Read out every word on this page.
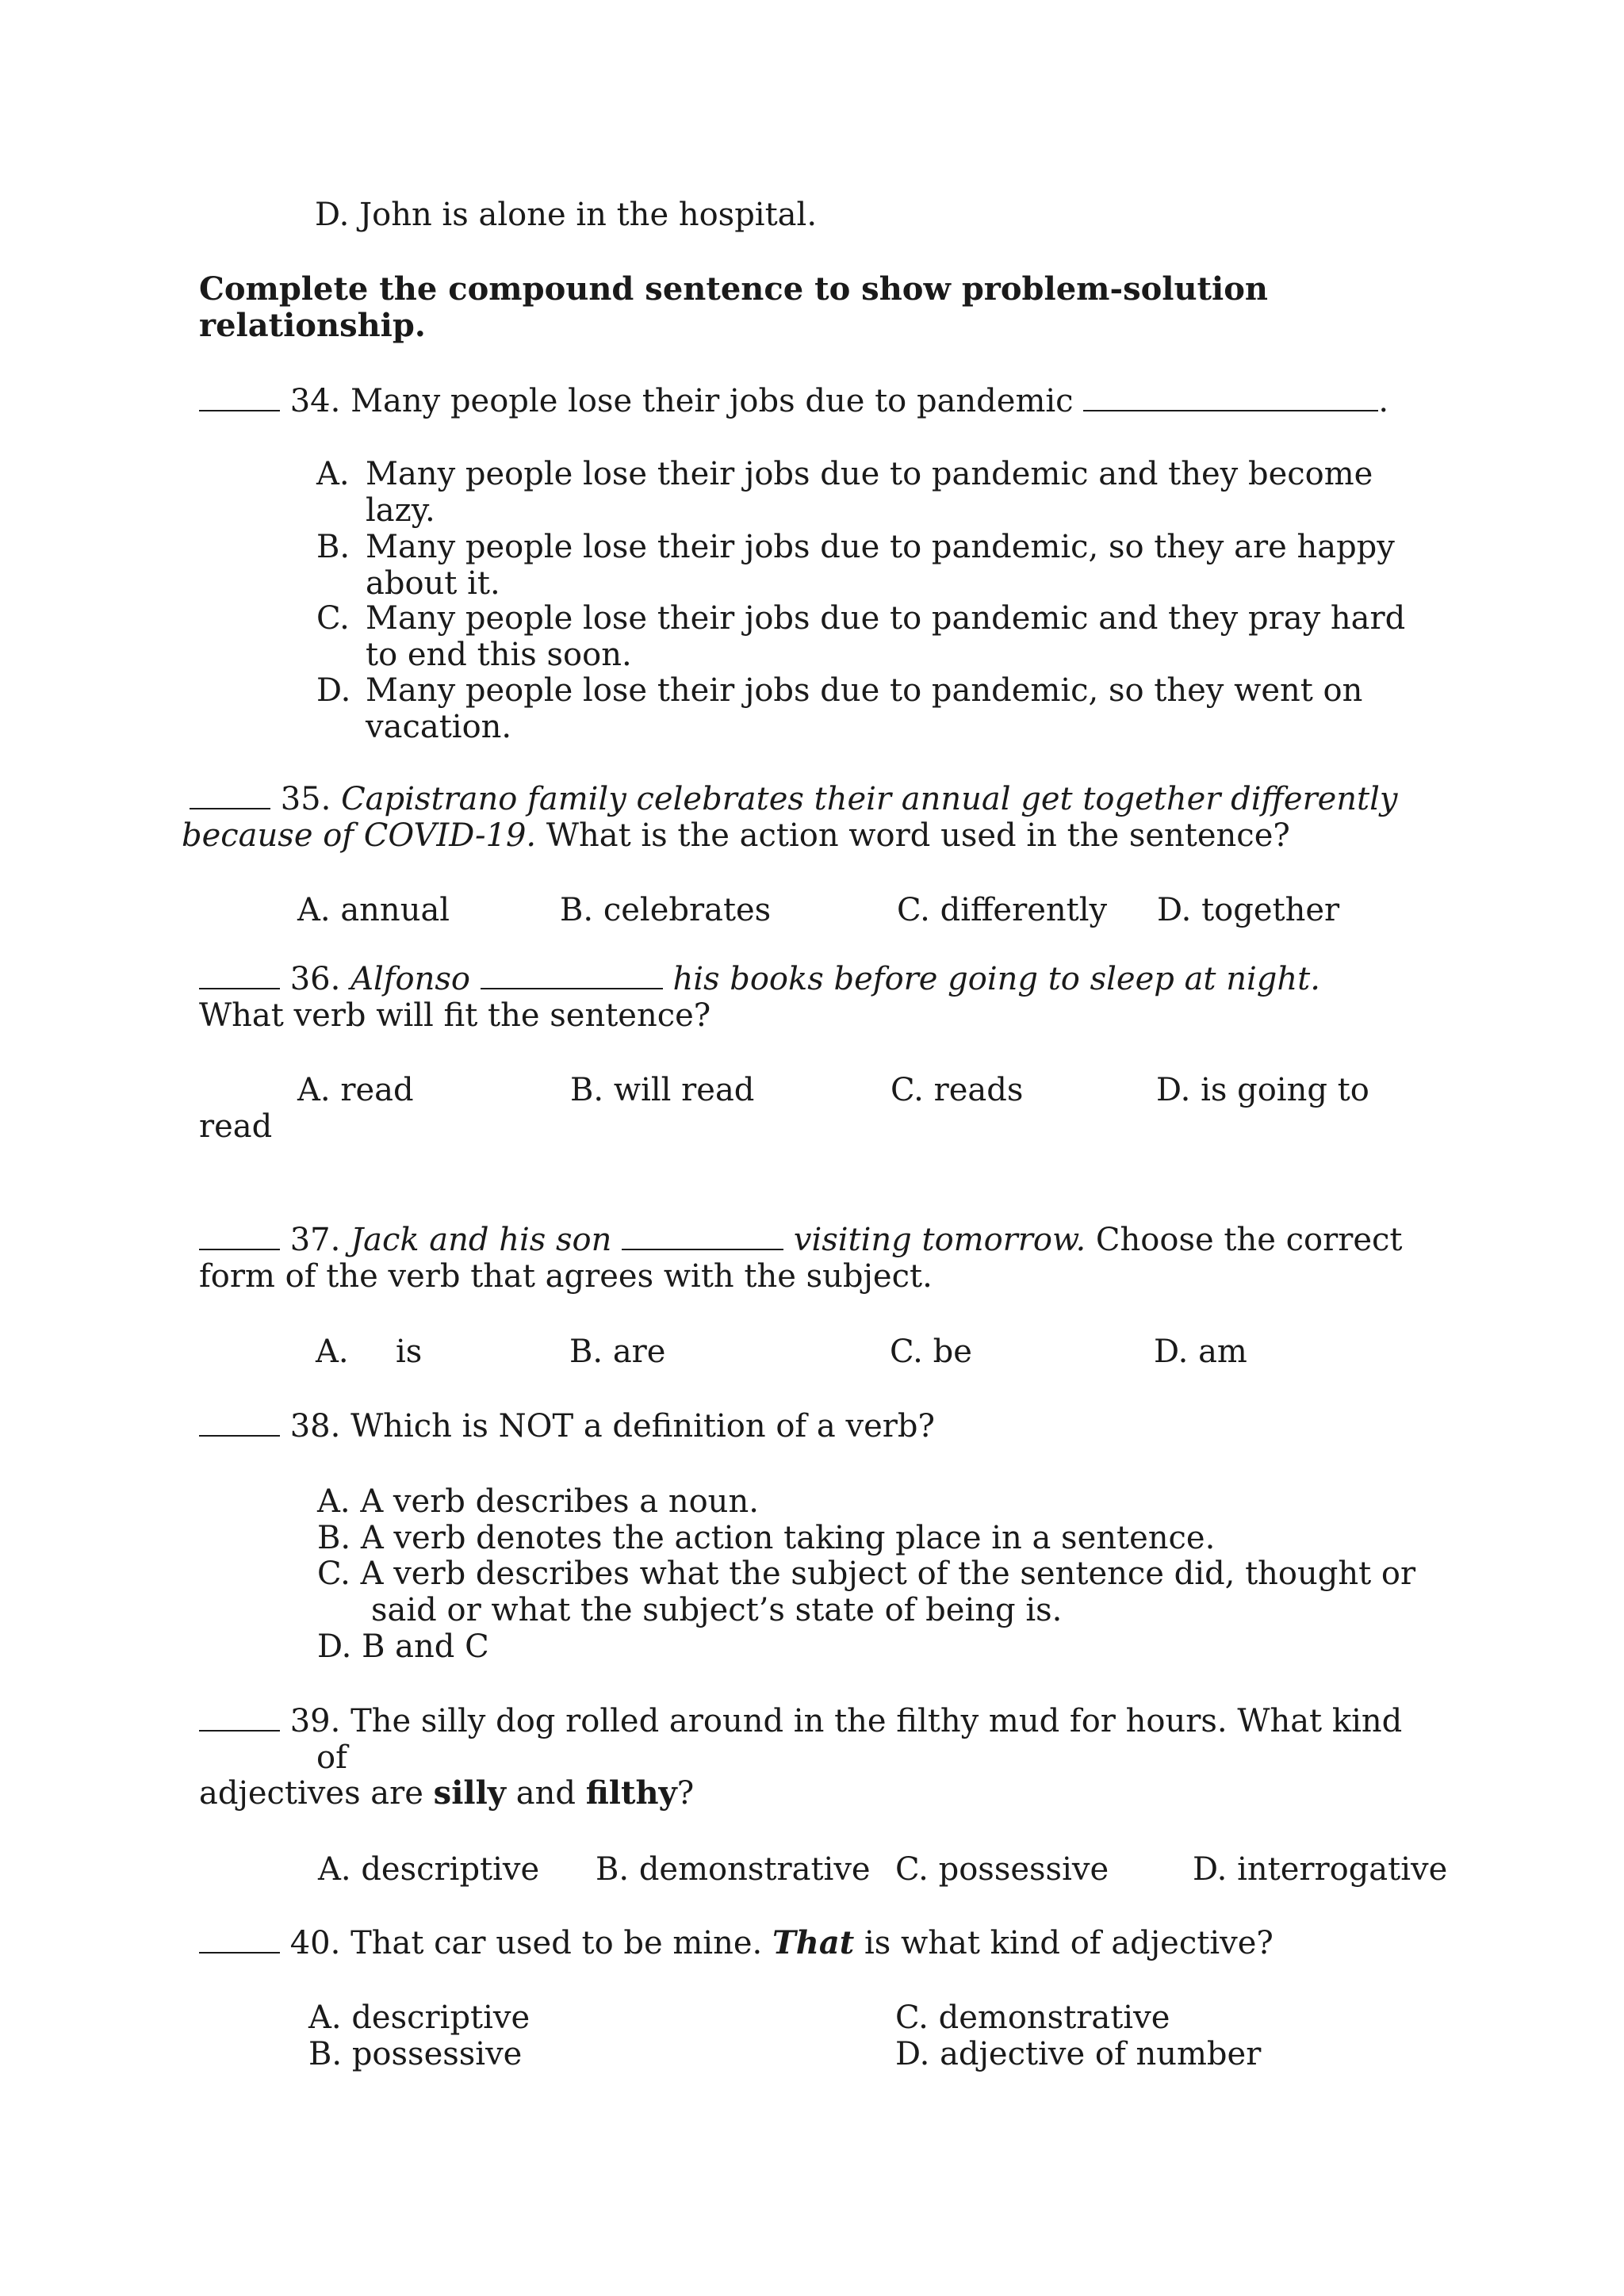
D. John is alone in the hospital.
Complete the compound sentence to show problem-solution
relationship.
34. Many people lose their jobs due to pandemic	.
A. Many people lose their jobs due to pandemic and they become
lazy.
B. Many people lose their jobs due to pandemic, so they are happy
about it.
C. Many people lose their jobs due to pandemic and they pray hard
to end this soon.
D. Many people lose their jobs due to pandemic, so they went on
vacation.
35. Capistrano family celebrates their annual get together differently
because of COVID-19. What is the action word used in the sentence?
A. annual	B. celebrates	C. differently D. together
36. Alfonso	his books before going to sleep at night.
What verb will fit the sentence?
A. read	B. will read	C. reads	D. is going to
read
37. Jack and his son	visiting tomorrow. Choose the correct
form of the verb that agrees with the subject.
A. is	B. are	C. be	D. am
38. Which is NOT a definition of a verb?
A. A verb describes a noun.
B. A verb denotes the action taking place in a sentence.
C. A verb describes what the subject of the sentence did, thought or
said or what the subject’s state of being is.
D. B and C
39. The silly dog rolled around in the filthy mud for hours. What kind
of
adjectives are silly and filthy?
A. descriptive B. demonstrative C. possessive	D. interrogative
40. That car used to be mine. That is what kind of adjective?
A. descriptive	C. demonstrative
B. possessive	D. adjective of number
